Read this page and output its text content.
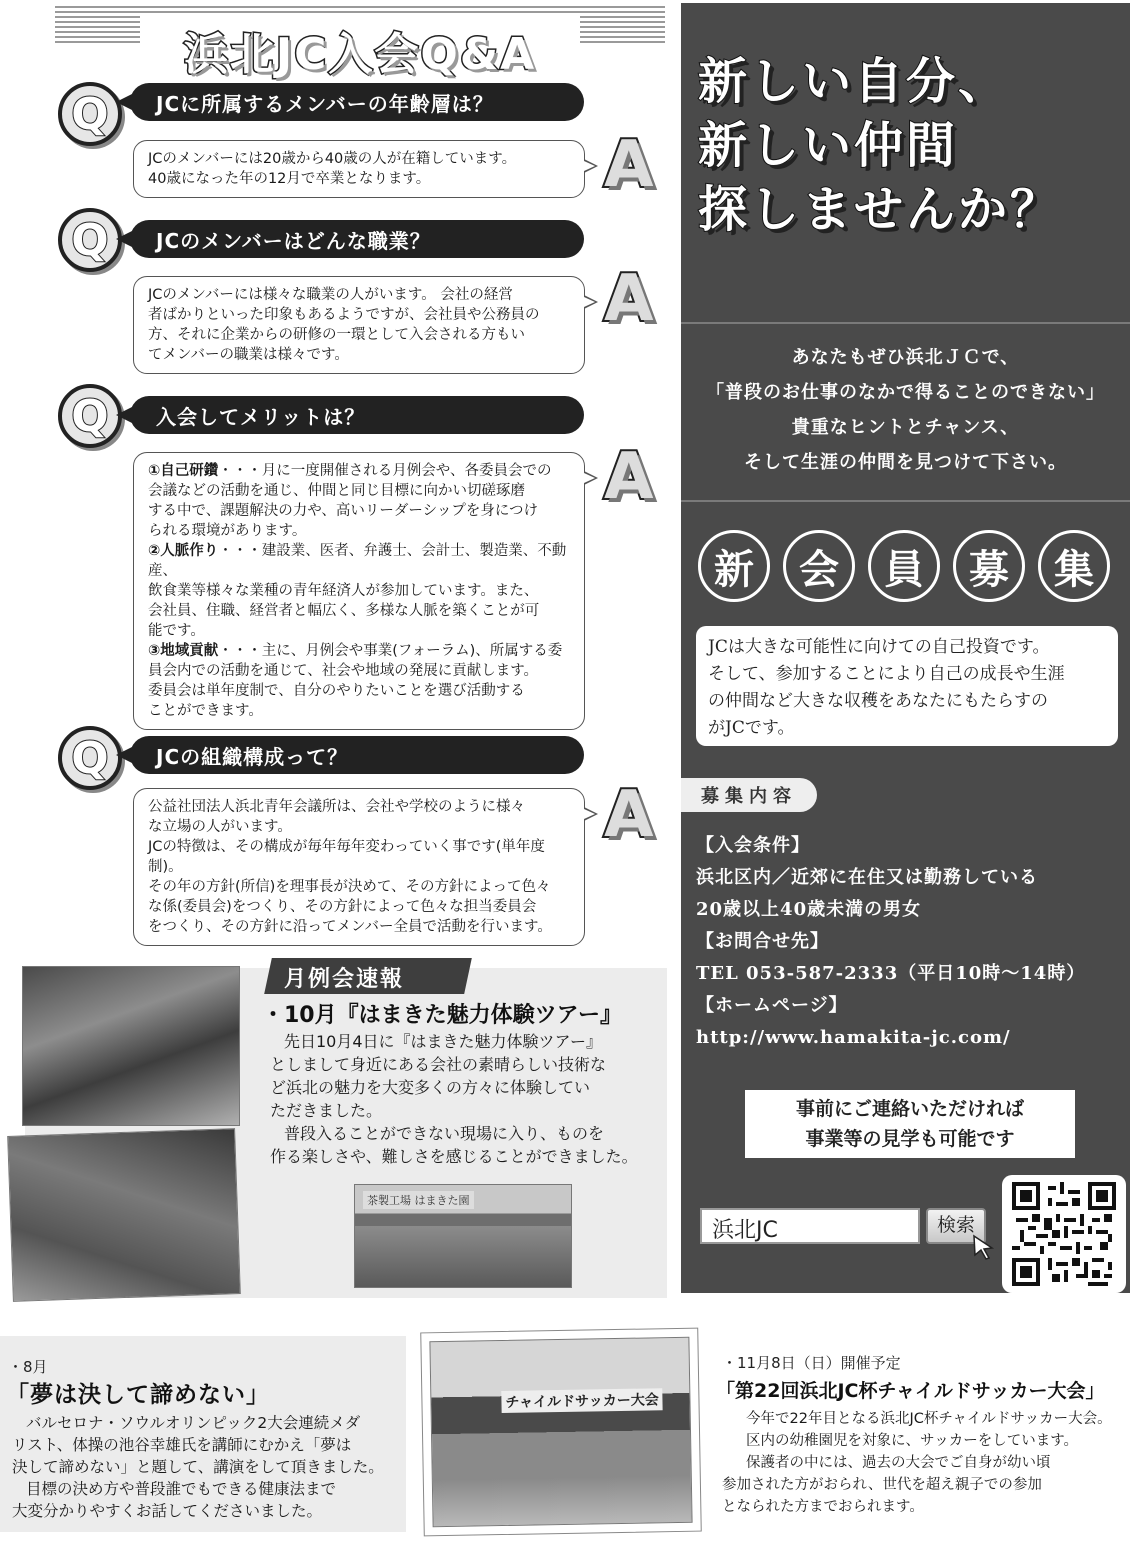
浜北JC入会Q&A
Q	JCに所属するメンバーの年齢層は？
JCのメンバーには20歳から40歳の人が在籍しています。
40歳になった年の12月で卒業となります。	A
Q	JCのメンバーはどんな職業？
JCのメンバーには様々な職業の人がいます。 会社の経営
者ばかりといった印象もあるようですが、会社員や公務員の
方、それに企業からの研修の一環として入会される方もい
てメンバーの職業は様々です。
A
Q	入会してメリットは？
①自己研鑽・・・月に一度開催される月例会や、各委員会での
会議などの活動を通じ、仲間と同じ目標に向かい切磋琢磨
する中で、課題解決の力や、高いリーダーシップを身につけ
られる環境があります。
②人脈作り・・・建設業、医者、弁護士、会計士、製造業、不動産、
飲食業等様々な業種の青年経済人が参加しています。また、
会社員、住職、経営者と幅広く、多様な人脈を築くことが可
能です。
③地域貢献・・・主に、月例会や事業(フォーラム)、所属する委
員会内での活動を通じて、社会や地域の発展に貢献します。
委員会は単年度制で、自分のやりたいことを選び活動する
ことができます。
A
Q	JCの組織構成って？
公益社団法人浜北青年会議所は、会社や学校のように様々
な立場の人がいます。
JCの特徴は、その構成が毎年毎年変わっていく事です(単年度制)。
その年の方針(所信)を理事長が決めて、その方針によって色々
な係(委員会)をつくり、その方針によって色々な担当委員会
をつくり、その方針に沿ってメンバー全員で活動を行います。
A
月例会速報
・10月『はまきた魅力体験ツアー』
先日10月4日に『はまきた魅力体験ツアー』
としまして身近にある会社の素晴らしい技術な
ど浜北の魅力を大変多くの方々に体験してい
ただきました。
普段入ることができない現場に入り、ものを
作る楽しさや、難しさを感じることができました。
茶製工場 はまきた園
新しい自分、
新しい仲間
探しませんか？
あなたもぜひ浜北ＪＣで、
「普段のお仕事のなかで得ることのできない」
貴重なヒントとチャンス、
そして生涯の仲間を見つけて下さい。
新	会	員	募	集
JCは大きな可能性に向けての自己投資です。
そして、参加することにより自己の成長や生涯
の仲間など大きな収穫をあなたにもたらすの
がJCです。
募集内容
【入会条件】
浜北区内／近郊に在住又は勤務している
20歳以上40歳未満の男女
【お問合せ先】
TEL 053-587-2333（平日10時～14時）
【ホームページ】
http://www.hamakita-jc.com/
事前にご連絡いただければ
事業等の見学も可能です
浜北JC	検索
・8月
「夢は決して諦めない」
バルセロナ・ソウルオリンピック2大会連続メダ
リスト、体操の池谷幸雄氏を講師にむかえ「夢は
決して諦めない」と題して、講演をして頂きました。
目標の決め方や普段誰でもできる健康法まで
大変分かりやすくお話してくださいました。
チャイルドサッカー大会
・11月8日（日）開催予定
「第22回浜北JC杯チャイルドサッカー大会」
今年で22年目となる浜北JC杯チャイルドサッカー大会。
区内の幼稚園児を対象に、サッカーをしています。
保護者の中には、過去の大会でご自身が幼い頃
参加された方がおられ、世代を超え親子での参加
となられた方までおられます。
